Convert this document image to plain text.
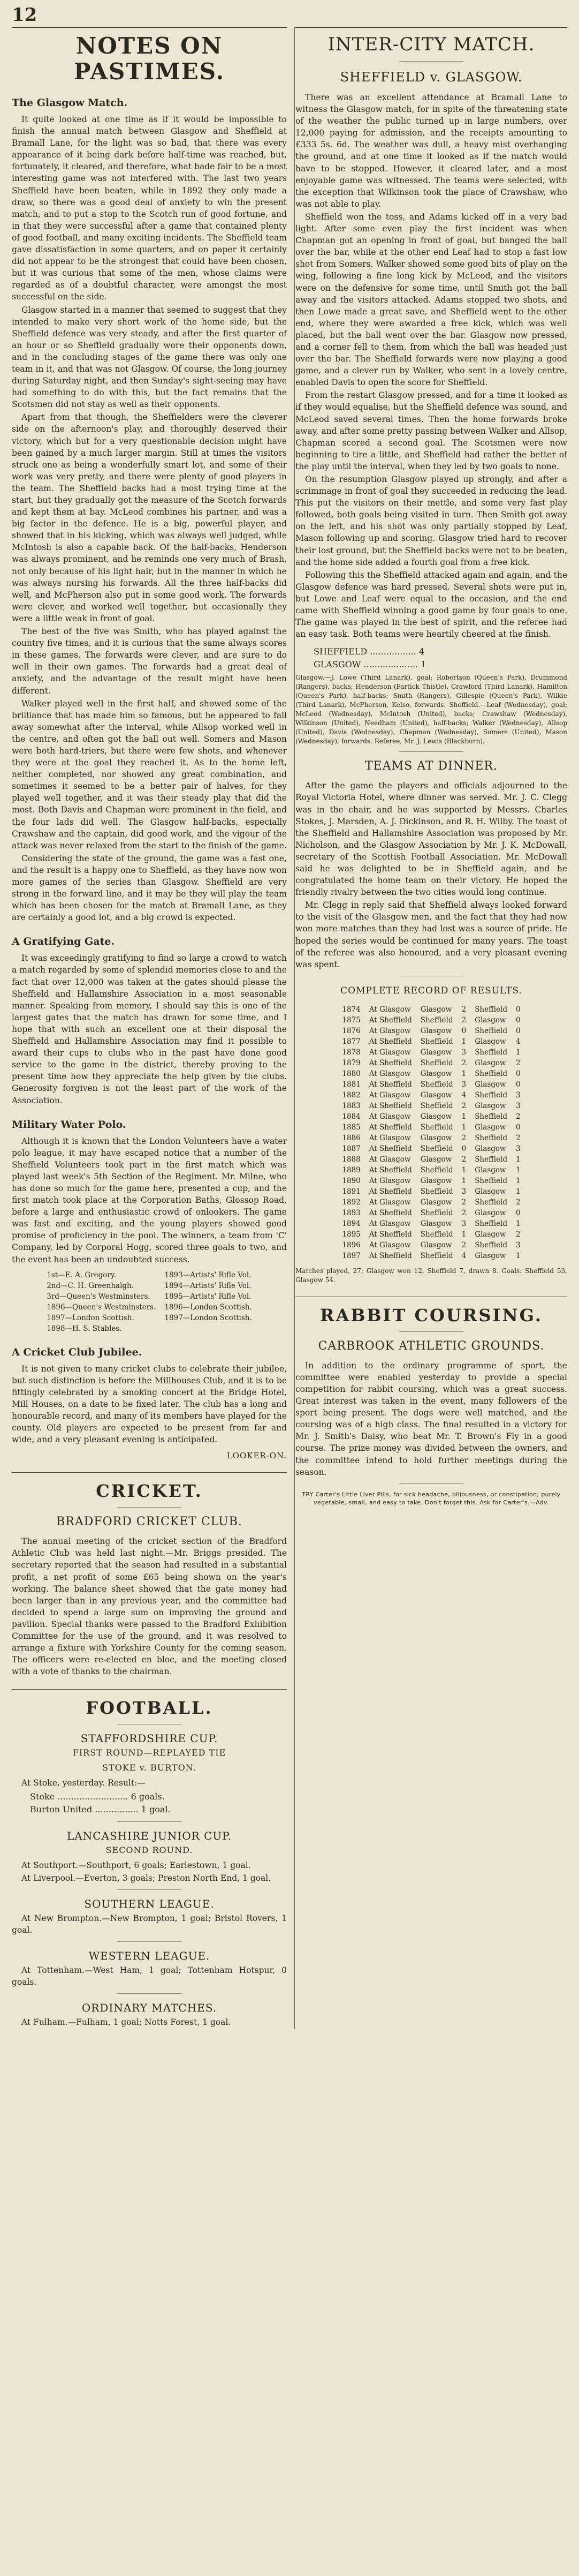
12
NOTES ON PASTIMES.
The Glasgow Match.

It quite looked at one time as if it would be impossible to finish the annual match between Glasgow and Sheffield at Bramall Lane, for the light was so bad, that there was every appearance of it being dark before half-time was reached, but, fortunately, it cleared, and therefore, what bade fair to be a most interesting game was not interfered with. The last two years Sheffield have been beaten, while in 1892 they only made a draw, so there was a good deal of anxiety to win the present match, and to put a stop to the Scotch run of good fortune, and in that they were successful after a game that contained plenty of good football, and many exciting incidents. The Sheffield team gave dissatisfaction in some quarters, and on paper it certainly did not appear to be the strongest that could have been chosen, but it was curious that some of the men, whose claims were regarded as of a doubtful character, were amongst the most successful on the side.

Glasgow started in a manner that seemed to suggest that they intended to make very short work of the home side, but the Sheffield defence was very steady, and after the first quarter of an hour or so Sheffield gradually wore their opponents down, and in the concluding stages of the game there was only one team in it, and that was not Glasgow. Of course, the long journey during Saturday night, and then Sunday's sight-seeing may have had something to do with this, but the fact remains that the Scotsmen did not stay as well as their opponents.

Apart from that though, the Sheffielders were the cleverer side on the afternoon's play, and thoroughly deserved their victory, which but for a very questionable decision might have been gained by a much larger margin. Still at times the visitors struck one as being a wonderfully smart lot, and some of their work was very pretty, and there were plenty of good players in the team. The Sheffield backs had a most trying time at the start, but they gradually got the measure of the Scotch forwards and kept them at bay. McLeod combines his partner, and was a big factor in the defence. He is a big, powerful player, and showed that in his kicking, which was always well judged, while McIntosh is also a capable back. Of the half-backs, Henderson was always prominent, and he reminds one very much of Brash, not only because of his light hair, but in the manner in which he was always nursing his forwards. All the three half-backs did well, and McPherson also put in some good work. The forwards were clever, and worked well together, but occasionally they were a little weak in front of goal.

The best of the five was Smith, who has played against the country five times, and it is curious that the same always scores in these games. The forwards were clever, and are sure to do well in their own games. The forwards had a great deal of anxiety, and the advantage of the result might have been different.

Walker played well in the first half, and showed some of the brilliance that has made him so famous, but he appeared to fall away somewhat after the interval, while Allsop worked well in the centre, and often got the ball out well. Somers and Mason were both hard-triers, but there were few shots, and whenever they were at the goal they reached it. As to the home left, neither completed, nor showed any great combination, and sometimes it seemed to be a better pair of halves, for they played well together, and it was their steady play that did the most. Both Davis and Chapman were prominent in the field, and the four lads did well. The Glasgow half-backs, especially Crawshaw and the captain, did good work, and the vigour of the attack was never relaxed from the start to the finish of the game.

Considering the state of the ground, the game was a fast one, and the result is a happy one to Sheffield, as they have now won more games of the series than Glasgow. Sheffield are very strong in the forward line, and it may be they will play the team which has been chosen for the match at Bramall Lane, as they are certainly a good lot, and a big crowd is expected.

A Gratifying Gate.

It was exceedingly gratifying to find so large a crowd to watch a match regarded by some of splendid memories close to and the fact that over 12,000 was taken at the gates should please the Sheffield and Hallamshire Association in a most seasonable manner. Speaking from memory, I should say this is one of the largest gates that the match has drawn for some time, and I hope that with such an excellent one at their disposal the Sheffield and Hallamshire Association may find it possible to award their cups to clubs who in the past have done good service to the game in the district, thereby proving to the present time how they appreciate the help given by the clubs. Generosity forgiven is not the least part of the work of the Association.

Military Water Polo.

Although it is known that the London Volunteers have a water polo league, it may have escaped notice that a number of the Sheffield Volunteers took part in the first match which was played last week's 5th Section of the Regiment. Mr. Milne, who has done so much for the game here, presented a cup, and the first match took place at the Corporation Baths, Glossop Road, before a large and enthusiastic crowd of onlookers. The game was fast and exciting, and the young players showed good promise of proficiency in the pool. The winners, a team from 'C' Company, led by Corporal Hogg, scored three goals to two, and the event has been an undoubted success.

1st—E. A. Gregory.	1893—Artists' Rifle Vol.
2nd—C. H. Greenhalgh.	1894—Artists' Rifle Vol.
3rd—Queen's Westminsters.	1895—Artists' Rifle Vol.
1896—Queen's Westminsters.	1896—London Scottish.
1897—London Scottish.	1897—London Scottish.
1898—H. S. Stables.	
A Cricket Club Jubilee.

It is not given to many cricket clubs to celebrate their jubilee, but such distinction is before the Millhouses Club, and it is to be fittingly celebrated by a smoking concert at the Bridge Hotel, Mill Houses, on a date to be fixed later. The club has a long and honourable record, and many of its members have played for the county. Old players are expected to be present from far and wide, and a very pleasant evening is anticipated.

LOOKER-ON.
CRICKET.
BRADFORD CRICKET CLUB.

The annual meeting of the cricket section of the Bradford Athletic Club was held last night.—Mr. Briggs presided. The secretary reported that the season had resulted in a substantial profit, a net profit of some £65 being shown on the year's working. The balance sheet showed that the gate money had been larger than in any previous year, and the committee had decided to spend a large sum on improving the ground and pavilion. Special thanks were passed to the Bradford Exhibition Committee for the use of the ground, and it was resolved to arrange a fixture with Yorkshire County for the coming season. The officers were re-elected en bloc, and the meeting closed with a vote of thanks to the chairman.

FOOTBALL.
STAFFORDSHIRE CUP.
FIRST ROUND—REPLAYED TIE
STOKE v. BURTON.

At Stoke, yesterday. Result:—

Stoke .......................... 6 goals.
Burton United ................ 1 goal.
LANCASHIRE JUNIOR CUP.
SECOND ROUND.

At Southport.—Southport, 6 goals; Earlestown, 1 goal.

At Liverpool.—Everton, 3 goals; Preston North End, 1 goal.

SOUTHERN LEAGUE.

At New Brompton.—New Brompton, 1 goal; Bristol Rovers, 1 goal.

WESTERN LEAGUE.

At Tottenham.—West Ham, 1 goal; Tottenham Hotspur, 0 goals.

ORDINARY MATCHES.

At Fulham.—Fulham, 1 goal; Notts Forest, 1 goal.

INTER-CITY MATCH.
SHEFFIELD v. GLASGOW.

There was an excellent attendance at Bramall Lane to witness the Glasgow match, for in spite of the threatening state of the weather the public turned up in large numbers, over 12,000 paying for admission, and the receipts amounting to £333 5s. 6d. The weather was dull, a heavy mist overhanging the ground, and at one time it looked as if the match would have to be stopped. However, it cleared later, and a most enjoyable game was witnessed. The teams were selected, with the exception that Wilkinson took the place of Crawshaw, who was not able to play.

Sheffield won the toss, and Adams kicked off in a very bad light. After some even play the first incident was when Chapman got an opening in front of goal, but banged the ball over the bar, while at the other end Leaf had to stop a fast low shot from Somers. Walker showed some good bits of play on the wing, following a fine long kick by McLeod, and the visitors were on the defensive for some time, until Smith got the ball away and the visitors attacked. Adams stopped two shots, and then Lowe made a great save, and Sheffield went to the other end, where they were awarded a free kick, which was well placed, but the ball went over the bar. Glasgow now pressed, and a corner fell to them, from which the ball was headed just over the bar. The Sheffield forwards were now playing a good game, and a clever run by Walker, who sent in a lovely centre, enabled Davis to open the score for Sheffield.

From the restart Glasgow pressed, and for a time it looked as if they would equalise, but the Sheffield defence was sound, and McLeod saved several times. Then the home forwards broke away, and after some pretty passing between Walker and Allsop, Chapman scored a second goal. The Scotsmen were now beginning to tire a little, and Sheffield had rather the better of the play until the interval, when they led by two goals to none.

On the resumption Glasgow played up strongly, and after a scrimmage in front of goal they succeeded in reducing the lead. This put the visitors on their mettle, and some very fast play followed, both goals being visited in turn. Then Smith got away on the left, and his shot was only partially stopped by Leaf, Mason following up and scoring. Glasgow tried hard to recover their lost ground, but the Sheffield backs were not to be beaten, and the home side added a fourth goal from a free kick.

Following this the Sheffield attacked again and again, and the Glasgow defence was hard pressed. Several shots were put in, but Lowe and Leaf were equal to the occasion, and the end came with Sheffield winning a good game by four goals to one. The game was played in the best of spirit, and the referee had an easy task. Both teams were heartily cheered at the finish.

SHEFFIELD ................. 4
GLASGOW .................... 1

Glasgow.—J. Lowe (Third Lanark), goal; Robertson (Queen's Park), Drummond (Rangers), backs; Henderson (Partick Thistle), Crawford (Third Lanark), Hamilton (Queen's Park), half-backs; Smith (Rangers), Gillespie (Queen's Park), Wilkie (Third Lanark), McPherson, Kelso, forwards. Sheffield.—Leaf (Wednesday), goal; McLeod (Wednesday), McIntosh (United), backs; Crawshaw (Wednesday), Wilkinson (United), Needham (United), half-backs; Walker (Wednesday), Allsop (United), Davis (Wednesday), Chapman (Wednesday), Somers (United), Mason (Wednesday), forwards. Referee, Mr. J. Lewis (Blackburn).

TEAMS AT DINNER.

After the game the players and officials adjourned to the Royal Victoria Hotel, where dinner was served. Mr. J. C. Clegg was in the chair, and he was supported by Messrs. Charles Stokes, J. Marsden, A. J. Dickinson, and R. H. Wilby. The toast of the Sheffield and Hallamshire Association was proposed by Mr. Nicholson, and the Glasgow Association by Mr. J. K. McDowall, secretary of the Scottish Football Association. Mr. McDowall said he was delighted to be in Sheffield again, and he congratulated the home team on their victory. He hoped the friendly rivalry between the two cities would long continue.

Mr. Clegg in reply said that Sheffield always looked forward to the visit of the Glasgow men, and the fact that they had now won more matches than they had lost was a source of pride. He hoped the series would be continued for many years. The toast of the referee was also honoured, and a very pleasant evening was spent.

COMPLETE RECORD OF RESULTS.
1874	At Glasgow	Glasgow	2	Sheffield	0
1875	At Sheffield	Sheffield	2	Glasgow	0
1876	At Glasgow	Glasgow	0	Sheffield	0
1877	At Sheffield	Sheffield	1	Glasgow	4
1878	At Glasgow	Glasgow	3	Sheffield	1
1879	At Sheffield	Sheffield	2	Glasgow	2
1880	At Glasgow	Glasgow	1	Sheffield	0
1881	At Sheffield	Sheffield	3	Glasgow	0
1882	At Glasgow	Glasgow	4	Sheffield	3
1883	At Sheffield	Sheffield	2	Glasgow	3
1884	At Glasgow	Glasgow	1	Sheffield	2
1885	At Sheffield	Sheffield	1	Glasgow	0
1886	At Glasgow	Glasgow	2	Sheffield	2
1887	At Sheffield	Sheffield	0	Glasgow	3
1888	At Glasgow	Glasgow	2	Sheffield	1
1889	At Sheffield	Sheffield	1	Glasgow	1
1890	At Glasgow	Glasgow	1	Sheffield	1
1891	At Sheffield	Sheffield	3	Glasgow	1
1892	At Glasgow	Glasgow	2	Sheffield	2
1893	At Sheffield	Sheffield	2	Glasgow	0
1894	At Glasgow	Glasgow	3	Sheffield	1
1895	At Sheffield	Sheffield	1	Glasgow	2
1896	At Glasgow	Glasgow	2	Sheffield	3
1897	At Sheffield	Sheffield	4	Glasgow	1

Matches played, 27; Glasgow won 12, Sheffield 7, drawn 8. Goals: Sheffield 53, Glasgow 54.

RABBIT COURSING.
CARBROOK ATHLETIC GROUNDS.

In addition to the ordinary programme of sport, the committee were enabled yesterday to provide a special competition for rabbit coursing, which was a great success. Great interest was taken in the event, many followers of the sport being present. The dogs were well matched, and the coursing was of a high class. The final resulted in a victory for Mr. J. Smith's Daisy, who beat Mr. T. Brown's Fly in a good course. The prize money was divided between the owners, and the committee intend to hold further meetings during the season.

TRY Carter's Little Liver Pills, for sick headache, biliousness, or constipation; purely vegetable, small, and easy to take. Don't forget this. Ask for Carter's.—Adv.
